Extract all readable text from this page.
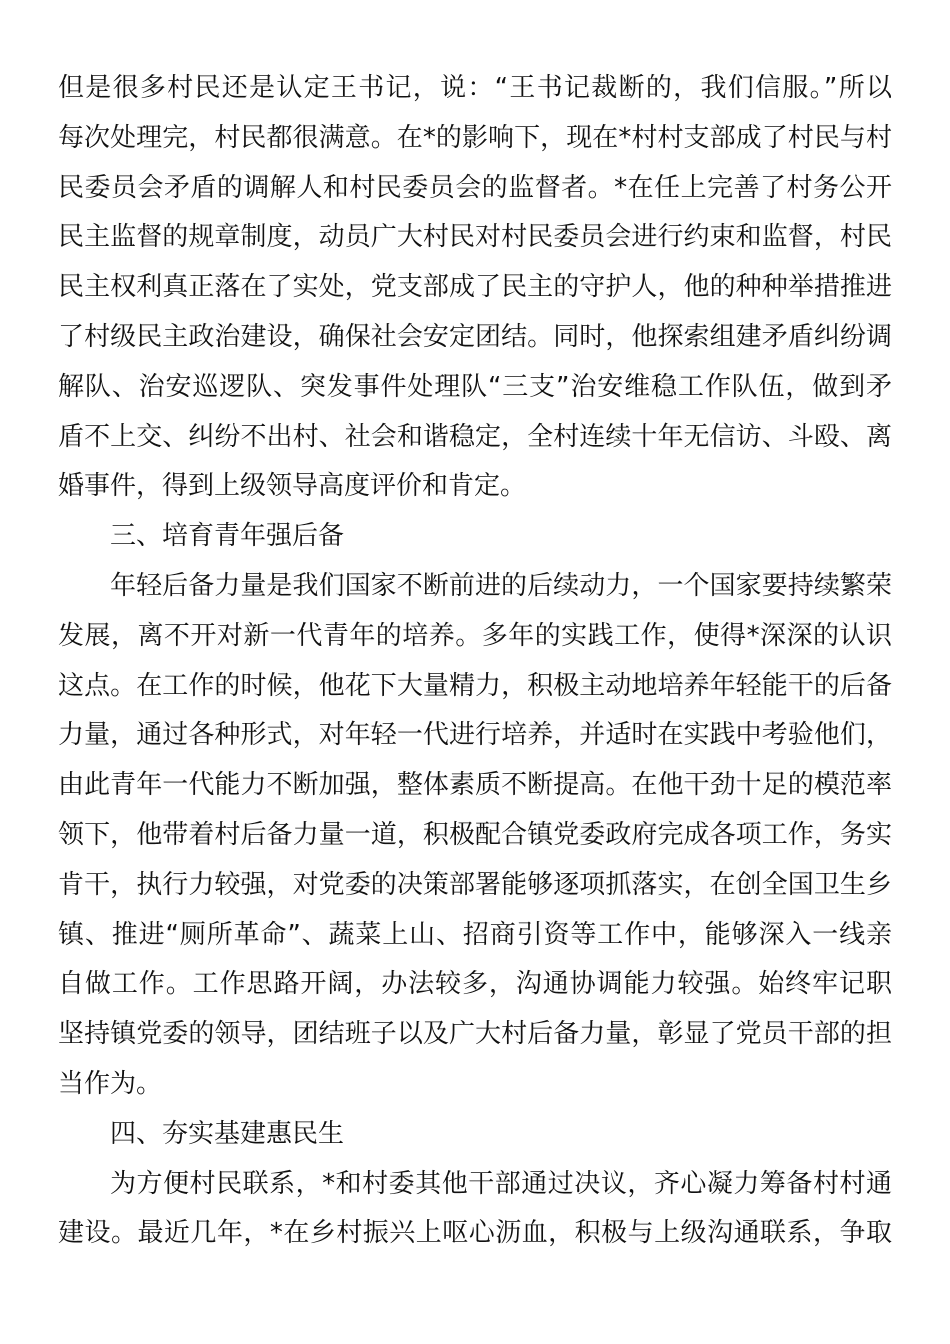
但是很多村民还是认定王书记，说：“王书记裁断的，我们信服。”所以
每次处理完，村民都很满意。在*的影响下，现在*村村支部成了村民与村
民委员会矛盾的调解人和村民委员会的监督者。*在任上完善了村务公开
民主监督的规章制度，动员广大村民对村民委员会进行约束和监督，村民
民主权利真正落在了实处，党支部成了民主的守护人，他的种种举措推进
了村级民主政治建设，确保社会安定团结。同时，他探索组建矛盾纠纷调
解队、治安巡逻队、突发事件处理队“三支”治安维稳工作队伍，做到矛
盾不上交、纠纷不出村、社会和谐稳定，全村连续十年无信访、斗殴、离
婚事件，得到上级领导高度评价和肯定。
三、培育青年强后备
年轻后备力量是我们国家不断前进的后续动力，一个国家要持续繁荣
发展，离不开对新一代青年的培养。多年的实践工作，使得*深深的认识
这点。在工作的时候，他花下大量精力，积极主动地培养年轻能干的后备
力量，通过各种形式，对年轻一代进行培养，并适时在实践中考验他们，
由此青年一代能力不断加强，整体素质不断提高。在他干劲十足的模范率
领下，他带着村后备力量一道，积极配合镇党委政府完成各项工作，务实
肯干，执行力较强，对党委的决策部署能够逐项抓落实，在创全国卫生乡
镇、推进“厕所革命”、蔬菜上山、招商引资等工作中，能够深入一线亲
自做工作。工作思路开阔，办法较多，沟通协调能力较强。始终牢记职
坚持镇党委的领导，团结班子以及广大村后备力量，彰显了党员干部的担
当作为。
四、夯实基建惠民生
为方便村民联系，*和村委其他干部通过决议，齐心凝力筹备村村通
建设。最近几年，*在乡村振兴上呕心沥血，积极与上级沟通联系，争取
